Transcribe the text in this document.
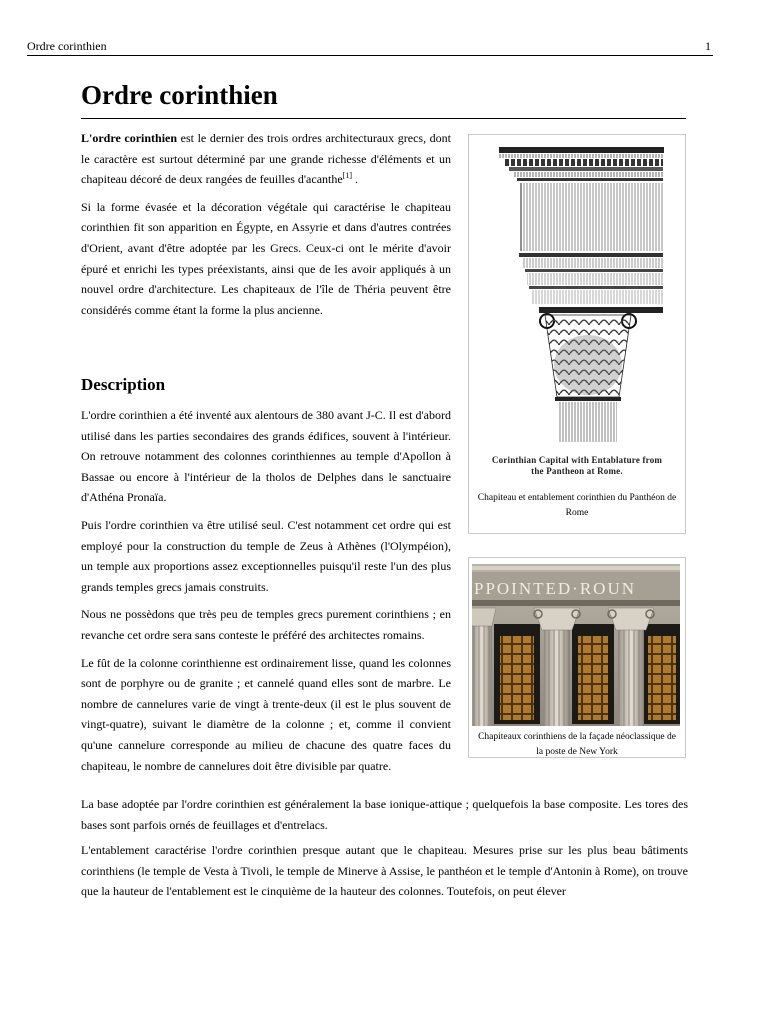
Ordre corinthien	1
Ordre corinthien

L'ordre corinthien est le dernier des trois ordres architecturaux grecs, dont le caractère est surtout déterminé par une grande richesse d'éléments et un chapiteau décoré de deux rangées de feuilles d'acanthe[1] .

Si la forme évasée et la décoration végétale qui caractérise le chapiteau corinthien fit son apparition en Égypte, en Assyrie et dans d'autres contrées d'Orient, avant d'être adoptée par les Grecs. Ceux-ci ont le mérite d'avoir épuré et enrichi les types préexistants, ainsi que de les avoir appliqués à un nouvel ordre d'architecture. Les chapiteaux de l'île de Théria peuvent être considérés comme étant la forme la plus ancienne.

Description

L'ordre corinthien a été inventé aux alentours de 380 avant J-C. Il est d'abord utilisé dans les parties secondaires des grands édifices, souvent à l'intérieur. On retrouve notamment des colonnes corinthiennes au temple d'Apollon à Bassae ou encore à l'intérieur de la tholos de Delphes dans le sanctuaire d'Athéna Pronaïa.

Puis l'ordre corinthien va être utilisé seul. C'est notamment cet ordre qui est employé pour la construction du temple de Zeus à Athènes (l'Olympéion), un temple aux proportions assez exceptionnelles puisqu'il reste l'un des plus grands temples grecs jamais construits.

Nous ne possèdons que très peu de temples grecs purement corinthiens ; en revanche cet ordre sera sans conteste le préféré des architectes romains.

Le fût de la colonne corinthienne est ordinairement lisse, quand les colonnes sont de porphyre ou de granite ; et cannelé quand elles sont de marbre. Le nombre de cannelures varie de vingt à trente-deux (il est le plus souvent de vingt-quatre), suivant le diamètre de la colonne ; et, comme il convient qu'une cannelure corresponde au milieu de chacune des quatre faces du chapiteau, le nombre de cannelures doit être divisible par quatre.

La base adoptée par l'ordre corinthien est généralement la base ionique-attique ; quelquefois la base composite. Les tores des bases sont parfois ornés de feuillages et d'entrelacs.

L'entablement caractérise l'ordre corinthien presque autant que le chapiteau. Mesures prise sur les plus beau bâtiments corinthiens (le temple de Vesta à Tivoli, le temple de Minerve à Assise, le panthéon et le temple d'Antonin à Rome), on trouve que la hauteur de l'entablement est le cinquième de la hauteur des colonnes. Toutefois, on peut élever

Corinthian Capital with Entablature from
the Pantheon at Rome.
Chapiteau et entablement corinthien du Panthéon de Rome
PPOINTED·ROUN
Chapiteaux corinthiens de la façade néoclassique de la poste de New York
